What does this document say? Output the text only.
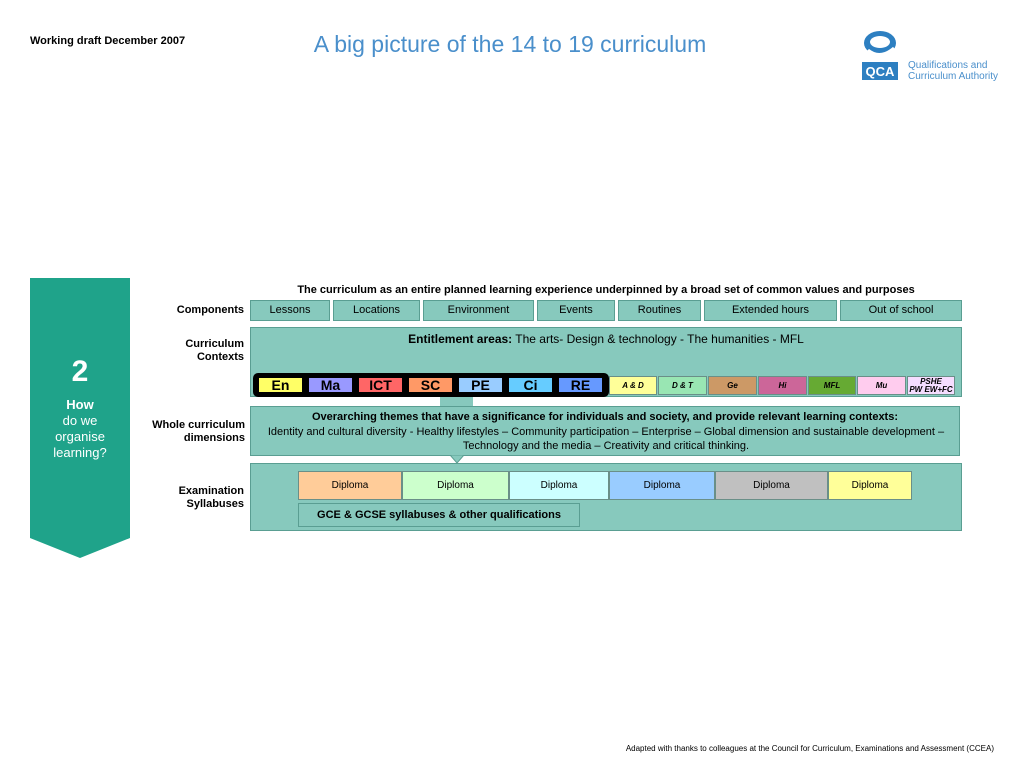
Working draft December 2007	A big picture of the 14 to 19 curriculum
QCA Qualifications and
Curriculum Authority
2
How
do we
organise
learning?
The curriculum as an entire planned learning experience underpinned by a broad set of common values and purposes
Components	Lessons	Locations	Environment	Events	Routines	Extended hours	Out of school
Curriculum
Contexts
Entitlement areas: The arts- Design & technology - The humanities - MFL
En	Ma	ICT	SC	PE	Ci	RE	A & D	D & T	Ge	Hi	MFL	Mu	PSHE
PW EW+FC
Whole curriculum
dimensions
Overarching themes that have a significance for individuals and society, and provide relevant learning contexts:
Identity and cultural diversity - Healthy lifestyles – Community participation – Enterprise – Global dimension and sustainable development –
Technology and the media – Creativity and critical thinking.
Examination
Syllabuses
Diploma	Diploma	Diploma	Diploma	Diploma	Diploma
GCE & GCSE syllabuses & other qualifications
Adapted with thanks to colleagues at the Council for Curriculum, Examinations and Assessment (CCEA)
